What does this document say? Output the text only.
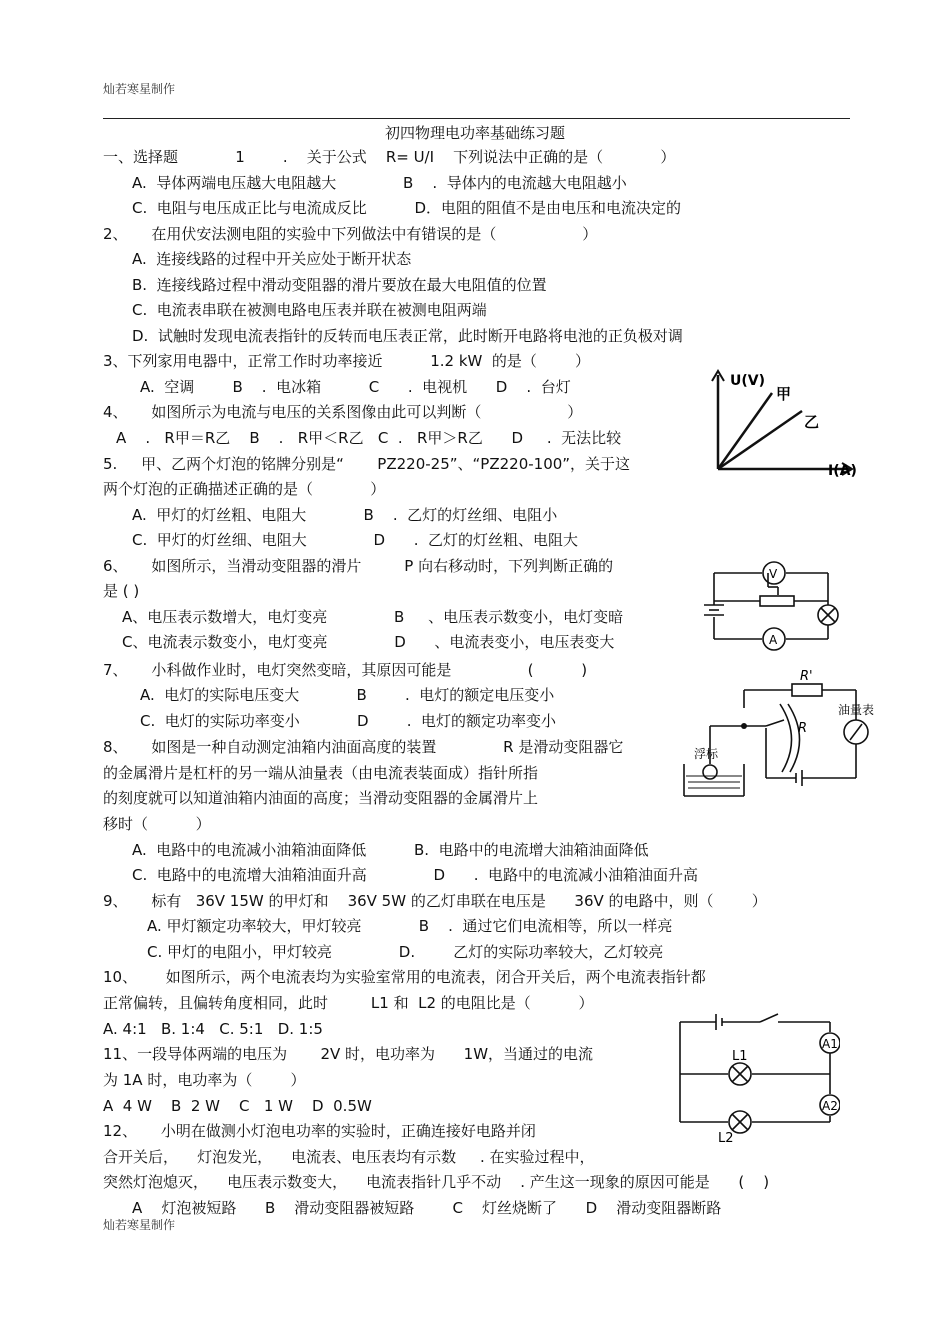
灿若寒星制作
初四物理电功率基础练习题
一、选择题            1        .    关于公式    R= U/I    下列说法中正确的是（            ）
A.  导体两端电压越大电阻越大              B    .  导体内的电流越大电阻越小
C.  电阻与电压成正比与电流成反比          D．电阻的阻值不是由电压和电流决定的
2、     在用伏安法测电阻的实验中下列做法中有错误的是（                  ）
A.  连接线路的过程中开关应处于断开状态
B.  连接线路过程中滑动变阻器的滑片要放在最大电阻值的位置
C.  电流表串联在被测电路电压表并联在被测电阻两端
D.  试触时发现电流表指针的反转而电压表正常，此时断开电路将电池的正负极对调
3、下列家用电器中，正常工作时功率接近          1.2 kW  的是（        ）
A.  空调        B    .  电冰箱          C      .  电视机      D    .  台灯
4、     如图所示为电流与电压的关系图像由此可以判断（                  ）
A    .   R甲＝R乙    B    .   R甲＜R乙   C  .   R甲＞R乙      D     .  无法比较
5.     甲、乙两个灯泡的铭牌分别是“       PZ220-25”、“PZ220-100”，关于这
两个灯泡的正确描述正确的是（            ）
A.  甲灯的灯丝粗、电阻大            B    .  乙灯的灯丝细、电阻小
C.  甲灯的灯丝细、电阻大              D      .  乙灯的灯丝粗、电阻大
6、     如图所示，当滑动变阻器的滑片         P 向右移动时，下列判断正确的
是 ( )
A、电压表示数增大，电灯变亮              B     、电压表示数变小，电灯变暗
C、电流表示数变小，电灯变亮              D      、电流表变小，电压表变大
7、     小科做作业时，电灯突然变暗，其原因可能是                (          )
A.  电灯的实际电压变大            B        .  电灯的额定电压变小
C.  电灯的实际功率变小            D        .  电灯的额定功率变小
8、     如图是一种自动测定油箱内油面高度的装置              R 是滑动变阻器它
的金属滑片是杠杆的另一端从油量表（由电流表装面成）指针所指
的刻度就可以知道油箱内油面的高度；当滑动变阻器的金属滑片上
移时（          ）
A.  电路中的电流减小油箱油面降低          B.  电路中的电流增大油箱油面降低
C.  电路中的电流增大油箱油面升高              D      .  电路中的电流减小油箱油面升高
9、     标有   36V 15W 的甲灯和    36V 5W 的乙灯串联在电压是      36V 的电路中，则（        ）
A. 甲灯额定功率较大，甲灯较亮            B    .  通过它们电流相等，所以一样亮
C. 甲灯的电阻小，甲灯较亮              D.        乙灯的实际功率较大，乙灯较亮
10、      如图所示，两个电流表均为实验室常用的电流表，闭合开关后，两个电流表指针都
正常偏转，且偏转角度相同，此时         L1 和  L2 的电阻比是（          ）
A. 4:1   B. 1:4   C. 5:1   D. 1:5
11、一段导体两端的电压为       2V 时，电功率为      1W，当通过的电流
为 1A 时，电功率为（        ）
A  4 W    B  2 W    C   1 W    D  0.5W
12、     小明在做测小灯泡电功率的实验时，正确连接好电路并闭
合开关后，    灯泡发光，    电流表、电压表均有示数     . 在实验过程中，
突然灯泡熄灭，    电压表示数变大，    电流表指针几乎不动    . 产生这一现象的原因可能是      (    )
A    灯泡被短路      B    滑动变阻器被短路        C    灯丝烧断了      D    滑动变阻器断路
灿若寒星制作
U(V)
I(A)
甲
乙
V
A
R'
R
油量表
浮标
A1
A2
L1
L2
